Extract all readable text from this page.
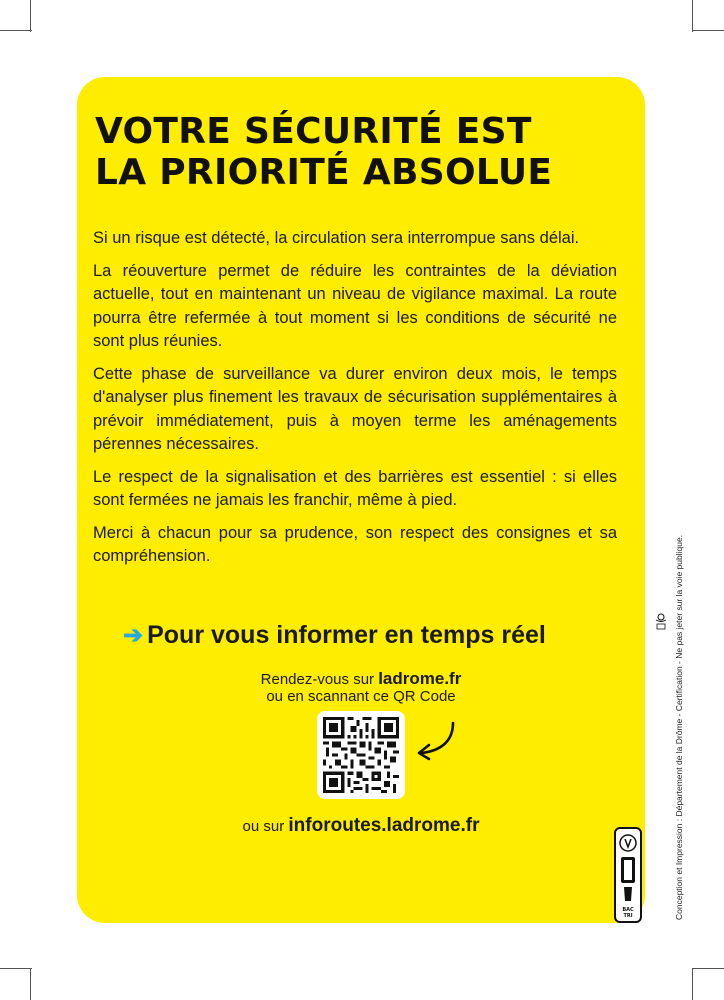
VOTRE SÉCURITÉ EST
LA PRIORITÉ ABSOLUE

Si un risque est détecté, la circulation sera interrompue sans délai.

La réouverture permet de réduire les contraintes de la déviation actuelle, tout en maintenant un niveau de vigilance maximal. La route pourra être refermée à tout moment si les conditions de sécurité ne sont plus réunies.

Cette phase de surveillance va durer environ deux mois, le temps d'analyser plus finement les travaux de sécurisation supplémentaires à prévoir immédiatement, puis à moyen terme les aménagements pérennes nécessaires.

Le respect de la signalisation et des barrières est essentiel : si elles sont fermées ne jamais les franchir, même à pied.

Merci à chacun pour sa prudence, son respect des consignes et sa compréhension.

➔ Pour vous informer en temps réel
Rendez-vous sur ladrome.fr
ou en scannant ce QR Code
ou sur inforoutes.ladrome.fr
BAC
TRI	Conception et Impression : Département de la Drôme - Certification - Ne pas jeter sur la voie publique.
